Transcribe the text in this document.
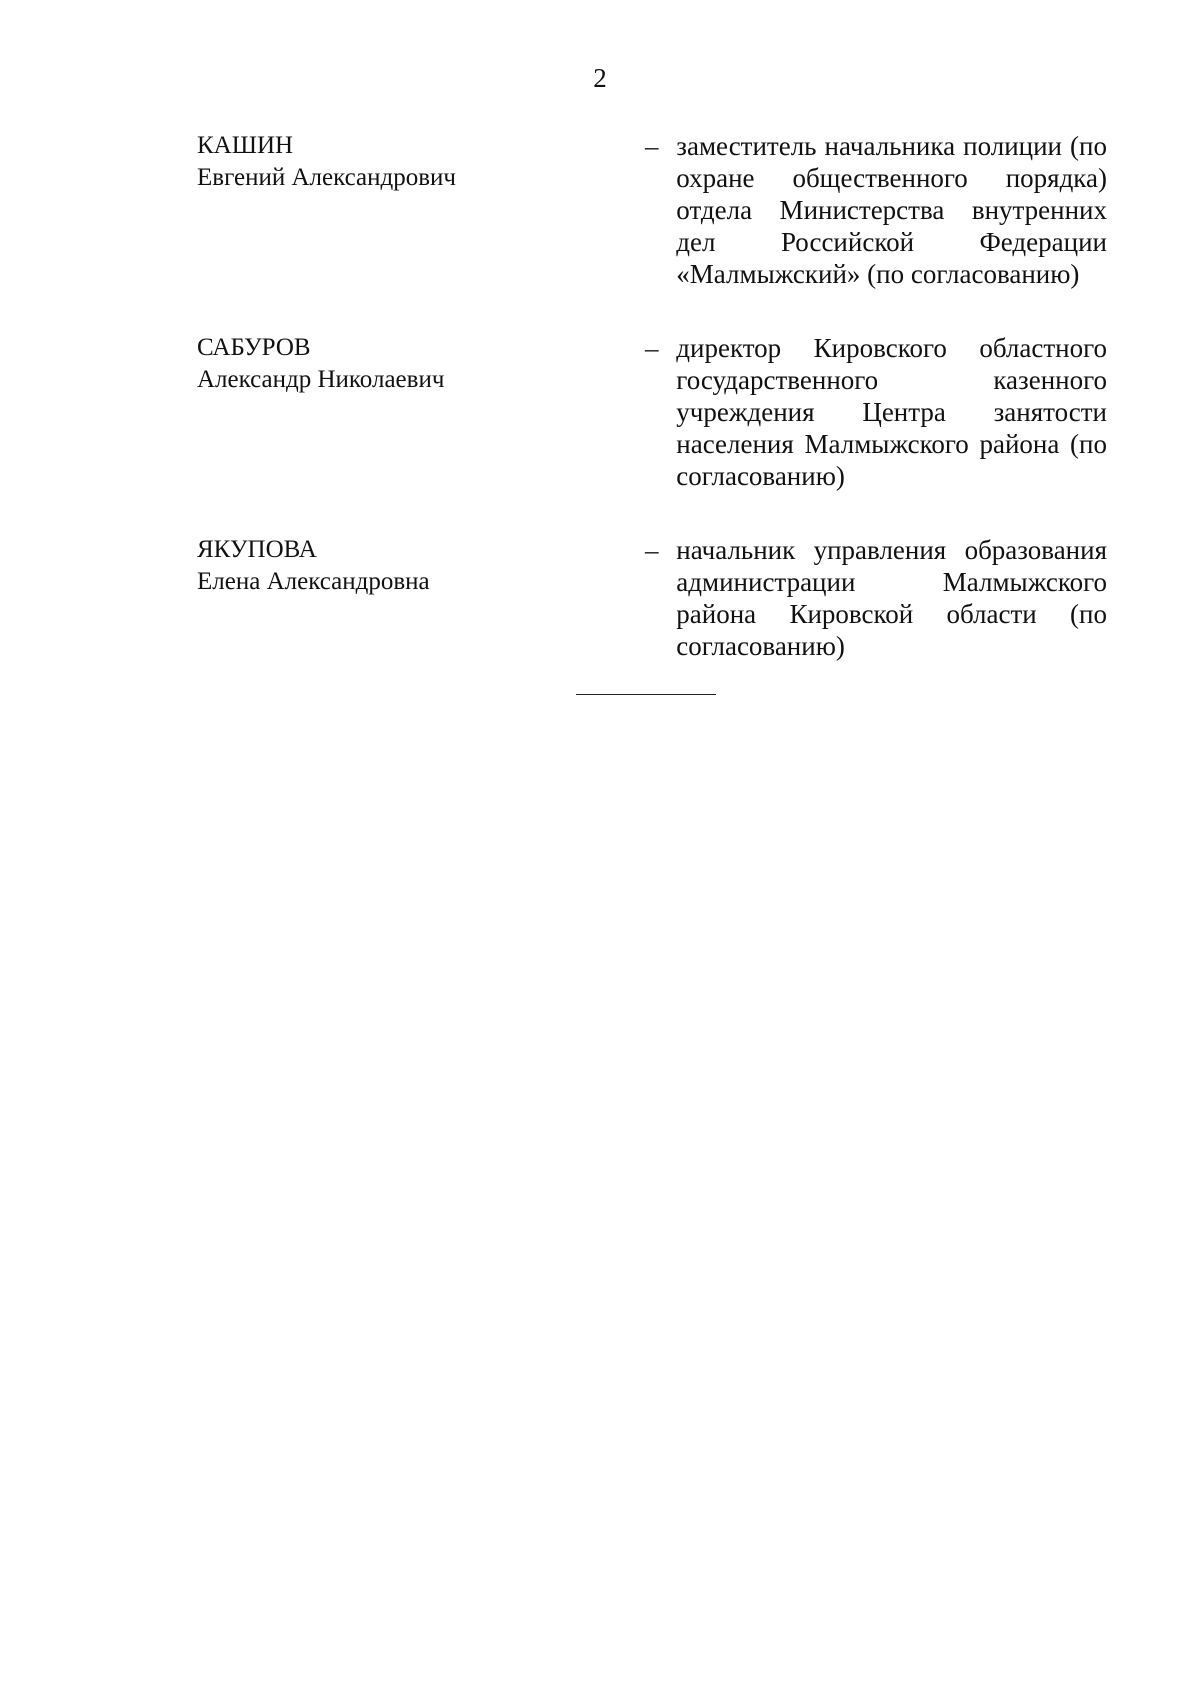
2
КАШИН
Евгений Александрович
– заместитель начальника полиции (по охране общественного порядка) отдела Министерства внутренних дел Российской Федерации «Малмыжский» (по согласованию)
САБУРОВ
Александр Николаевич
– директор Кировского областного государственного казенного учреждения Центра занятости населения Малмыжского района (по согласованию)
ЯКУПОВА
Елена Александровна
– начальник управления образования администрации Малмыжского района Кировской области (по согласованию)
